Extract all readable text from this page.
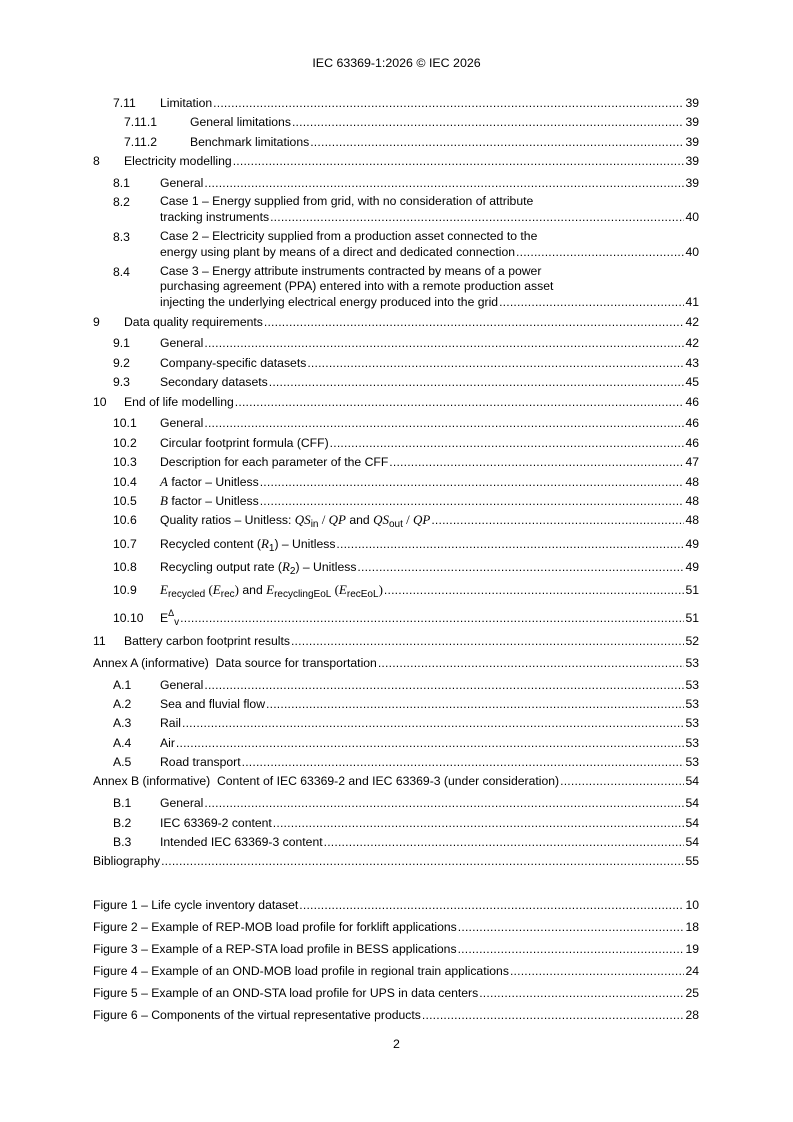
IEC 63369-1:2026 © IEC 2026
7.11 Limitation .....	39
7.11.1	General limitations .....	39
7.11.2	Benchmark limitations .....	39
8 Electricity modelling .....	39
8.1 General .....	39
8.2 Case 1 – Energy supplied from grid, with no consideration of attribute
tracking instruments .....	40
8.3 Case 2 – Electricity supplied from a production asset connected to the
energy using plant by means of a direct and dedicated connection .....	40
8.4 Case 3 – Energy attribute instruments contracted by means of a power
purchasing agreement (PPA) entered into with a remote production asset
injecting the underlying electrical energy produced into the grid .....	41
9 Data quality requirements .....	42
9.1 General .....	42
9.2 Company-specific datasets .....	43
9.3 Secondary datasets .....	45
10 End of life modelling .....	46
10.1 General .....	46
10.2 Circular footprint formula (CFF) .....	46
10.3 Description for each parameter of the CFF .....	47
10.4 A factor – Unitless .....	48
10.5 B factor – Unitless .....	48
10.6 Quality ratios – Unitless: $QS_{in}$ / QP and $QS_{out}$ / QP .....	48
10.7 Recycled content $(R_1)$ – Unitless .....	49
10.8 Recycling output rate $(R_2)$ – Unitless .....	49
10.9 $E_{recycled}$ $(E_{rec})$ and $E_{recyclingEoL}$ $(E_{recEoL})$ .....	51
10.10 $E^\Delta_v$ .....	51
11 Battery carbon footprint results .....	52
Annex A (informative)  Data source for transportation .....	53
A.1 General .....	53
A.2 Sea and fluvial flow .....	53
A.3 Rail .....	53
A.4 Air .....	53
A.5 Road transport .....	53
Annex B (informative)  Content of IEC 63369-2 and IEC 63369-3 (under consideration) .....	54
B.1 General .....	54
B.2 IEC 63369-2 content .....	54
B.3 Intended IEC 63369-3 content .....	54
Bibliography .....	55
Figure 1 – Life cycle inventory dataset .....	10
Figure 2 – Example of REP-MOB load profile for forklift applications .....	18
Figure 3 – Example of a REP-STA load profile in BESS applications .....	19
Figure 4 – Example of an OND-MOB load profile in regional train applications .....	24
Figure 5 – Example of an OND-STA load profile for UPS in data centers .....	25
Figure 6 – Components of the virtual representative products .....	28
2
